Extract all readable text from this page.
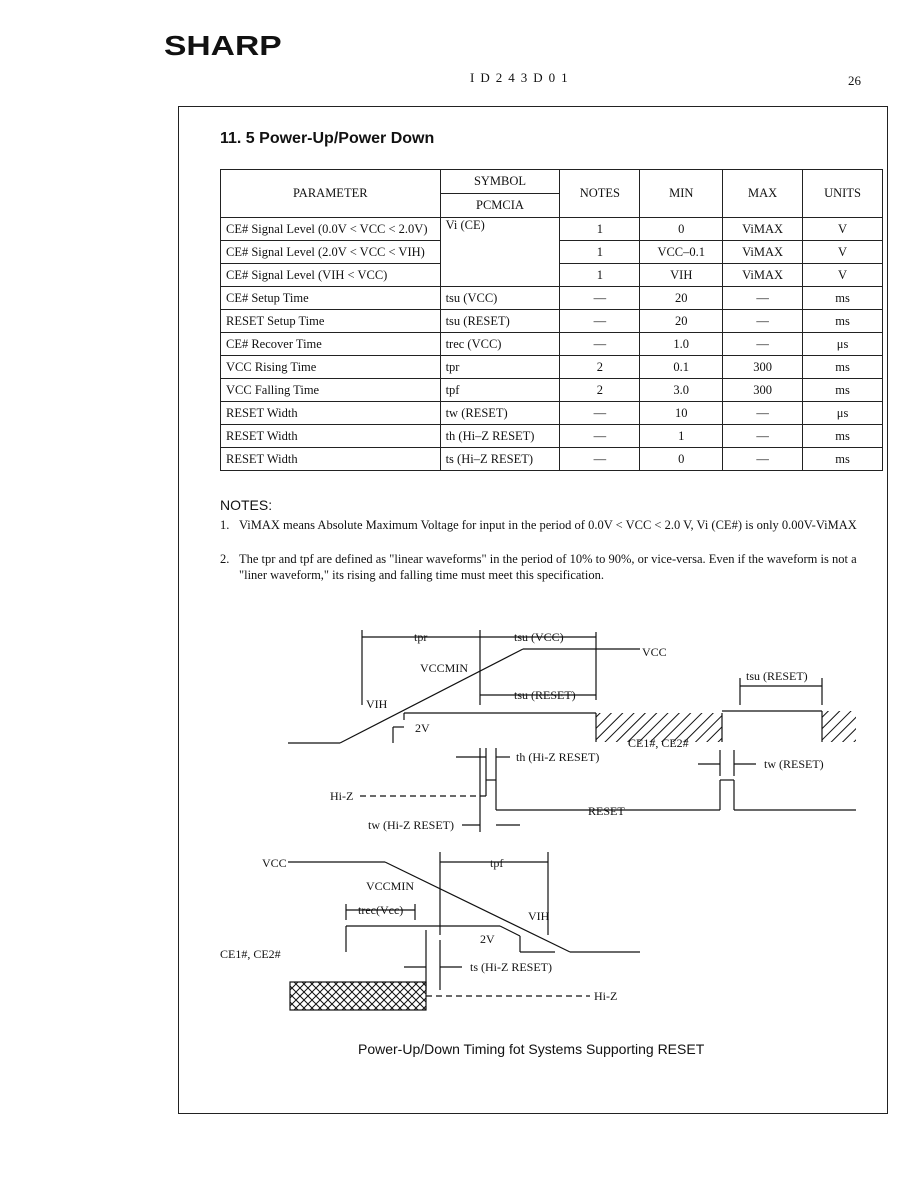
SHARP
ID243D01	26
11. 5 Power-Up/Power Down
PARAMETER	SYMBOL	NOTES	MIN	MAX	UNITS
	PCMCIA				
CE# Signal Level (0.0V < VCC < 2.0V)	Vi (CE)	1	0	ViMAX	V
CE# Signal Level (2.0V < VCC < VIH)		1	VCC–0.1	ViMAX	V
CE# Signal Level (VIH < VCC)		1	VIH	ViMAX	V
CE# Setup Time	tsu (VCC)	—	20	—	ms
RESET Setup Time	tsu (RESET)	—	20	—	ms
CE# Recover Time	trec (VCC)	—	1.0	—	μs
VCC Rising Time	tpr	2	0.1	300	ms
VCC Falling Time	tpf	2	3.0	300	ms
RESET Width	tw (RESET)	—	10	—	μs
RESET Width	th (Hi–Z RESET)	—	1	—	ms
RESET Width	ts (Hi–Z RESET)	—	0	—	ms
NOTES:
1. ViMAX means Absolute Maximum Voltage for input in the period of 0.0V < VCC < 2.0 V, Vi (CE#) is only 0.00V-ViMAX
2. The tpr and tpf are defined as "linear waveforms" in the period of 10% to 90%, or vice-versa. Even if the waveform is not a "liner waveform," its rising and falling time must meet this specification.
tpr	tsu (VCC)
VCC
VCCMIN
tsu (RESET)
tsu (RESET)
VIH
2V
CE1#, CE2#
th (Hi-Z RESET)	tw (RESET)
Hi-Z
RESET
tw (Hi-Z RESET)
VCC	tpf
VCCMIN
trec(Vcc)	VIH
2V
CE1#, CE2#
ts (Hi-Z RESET)
Hi-Z
Power-Up/Down Timing fot Systems Supporting RESET
